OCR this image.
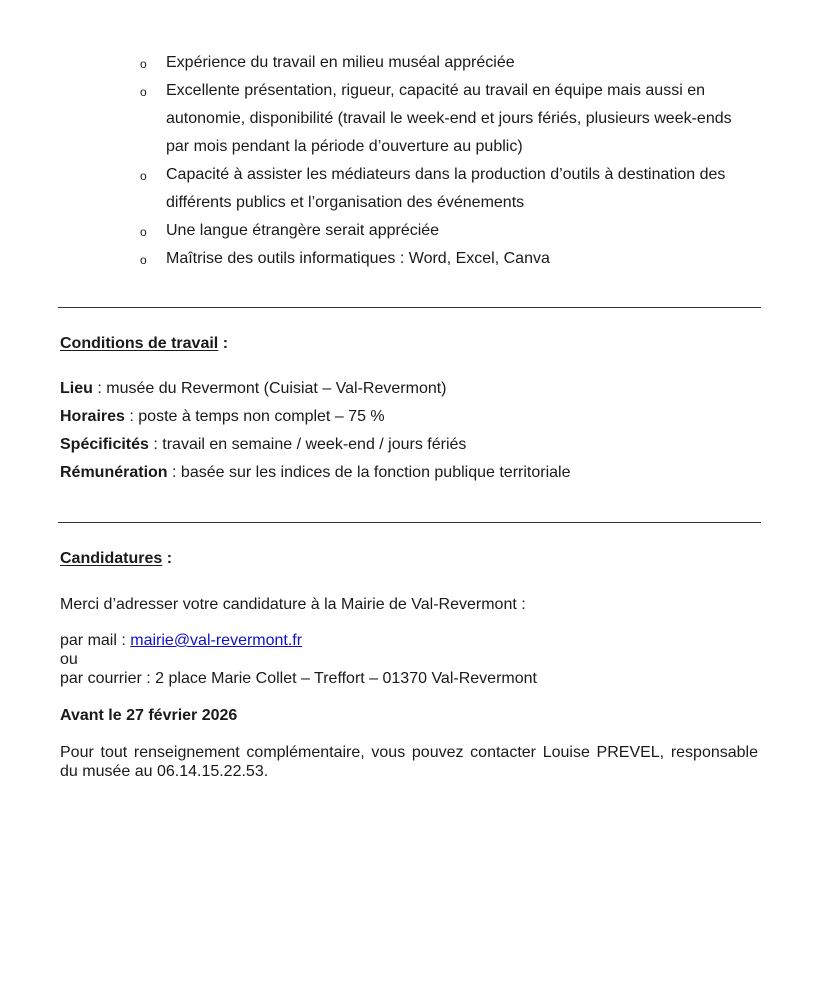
o Expérience du travail en milieu muséal appréciée
o Excellente présentation, rigueur, capacité au travail en équipe mais aussi en autonomie, disponibilité (travail le week-end et jours fériés, plusieurs week-ends par mois pendant la période d’ouverture au public)
o Capacité à assister les médiateurs dans la production d’outils à destination des différents publics et l’organisation des événements
o Une langue étrangère serait appréciée
o Maîtrise des outils informatiques : Word, Excel, Canva
Conditions de travail :
Lieu : musée du Revermont (Cuisiat – Val-Revermont)
Horaires : poste à temps non complet – 75 %
Spécificités : travail en semaine / week-end / jours fériés
Rémunération : basée sur les indices de la fonction publique territoriale
Candidatures :
Merci d’adresser votre candidature à la Mairie de Val-Revermont :
par mail : mairie@val-revermont.fr
ou
par courrier : 2 place Marie Collet – Treffort – 01370 Val-Revermont
Avant le 27 février 2026
Pour tout renseignement complémentaire, vous pouvez contacter Louise PREVEL, responsable du musée au 06.14.15.22.53.
